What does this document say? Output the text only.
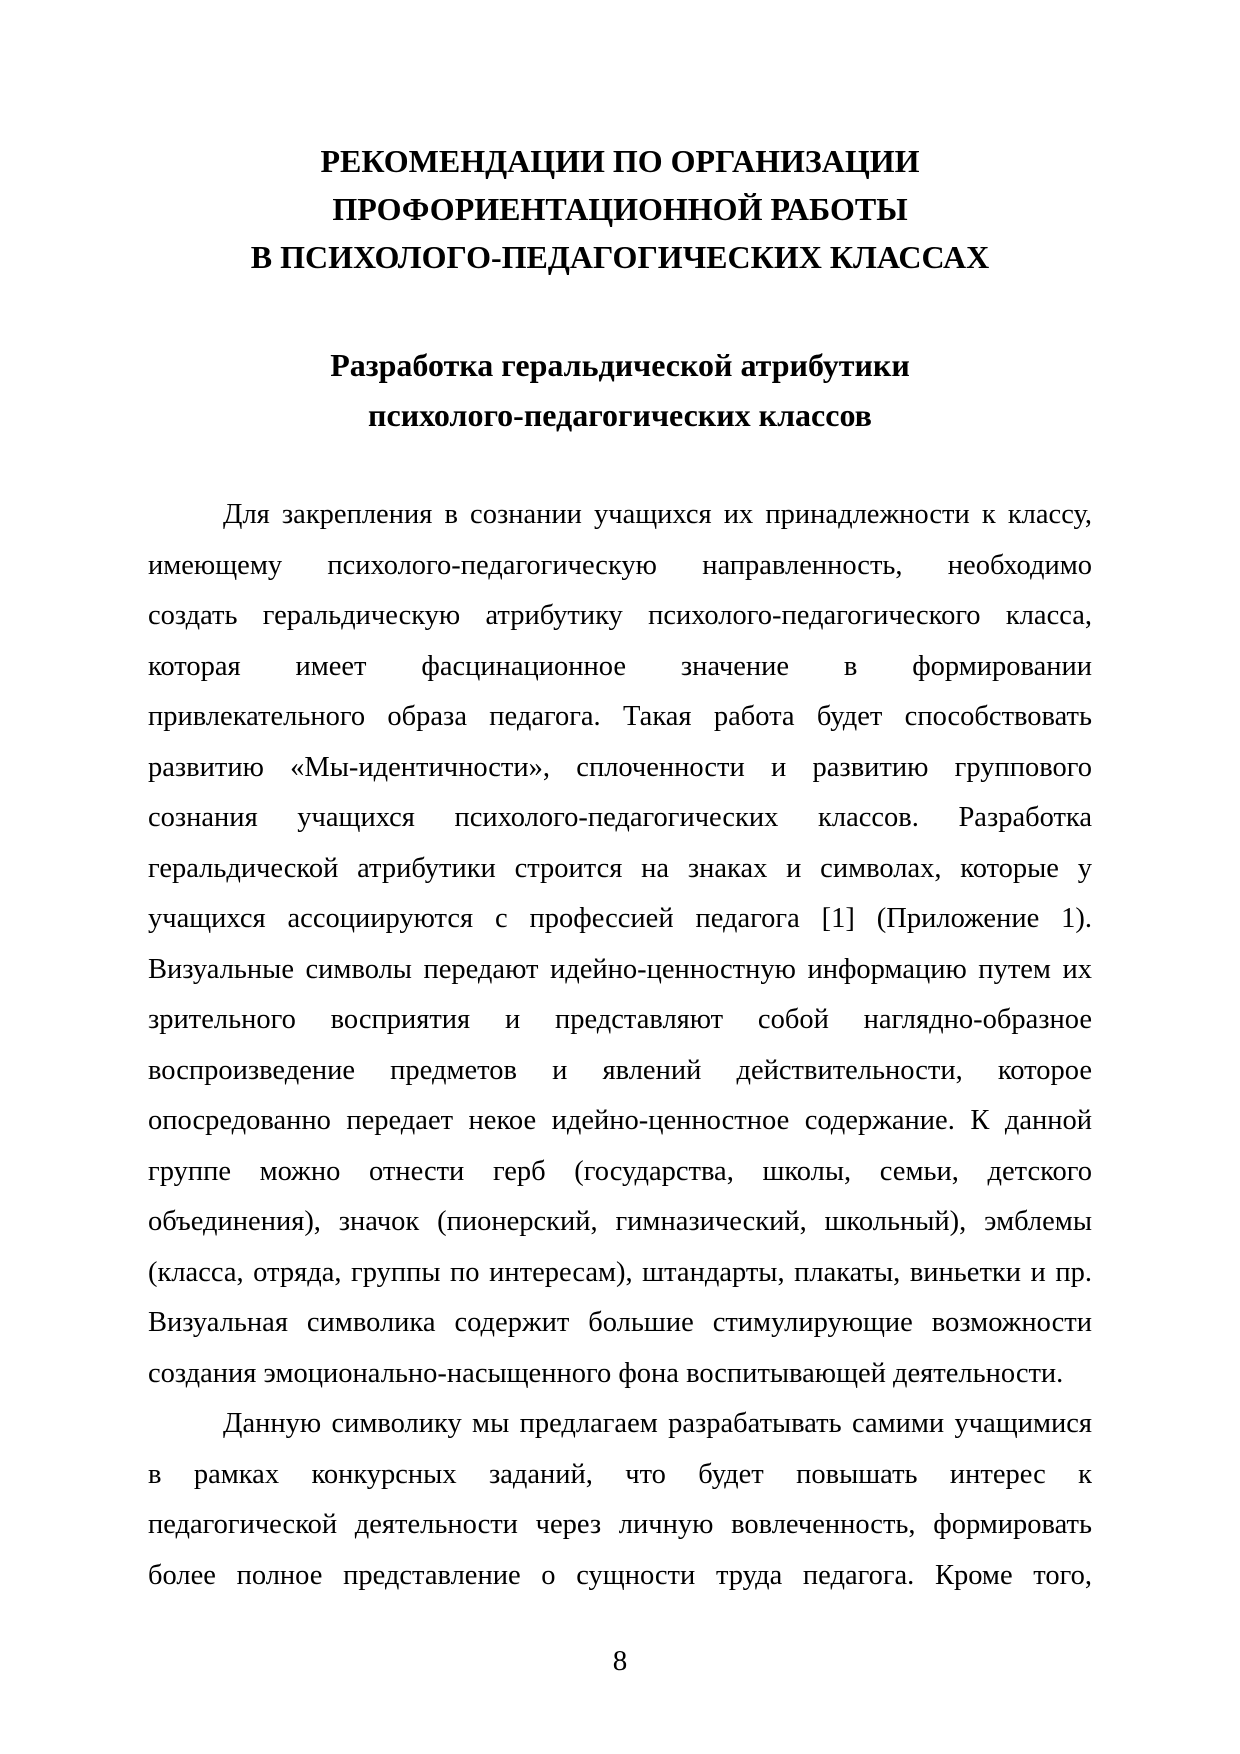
РЕКОМЕНДАЦИИ ПО ОРГАНИЗАЦИИ
ПРОФОРИЕНТАЦИОННОЙ РАБОТЫ
В ПСИХОЛОГО-ПЕДАГОГИЧЕСКИХ КЛАССАХ
Разработка геральдической атрибутики
психолого-педагогических классов
Для закрепления в сознании учащихся их принадлежности к классу,
имеющему психолого-педагогическую направленность, необходимо
создать геральдическую атрибутику психолого-педагогического класса,
которая имеет фасцинационное значение в формировании
привлекательного образа педагога. Такая работа будет способствовать
развитию «Мы-идентичности», сплоченности и развитию группового
сознания учащихся психолого-педагогических классов. Разработка
геральдической атрибутики строится на знаках и символах, которые у
учащихся ассоциируются с профессией педагога [1] (Приложение 1).
Визуальные символы передают идейно-ценностную информацию путем их
зрительного восприятия и представляют собой наглядно-образное
воспроизведение предметов и явлений действительности, которое
опосредованно передает некое идейно-ценностное содержание. К данной
группе можно отнести герб (государства, школы, семьи, детского
объединения), значок (пионерский, гимназический, школьный), эмблемы
(класса, отряда, группы по интересам), штандарты, плакаты, виньетки и пр.
Визуальная символика содержит большие стимулирующие возможности
создания эмоционально-насыщенного фона воспитывающей деятельности.
Данную символику мы предлагаем разрабатывать самими учащимися
в рамках конкурсных заданий, что будет повышать интерес к
педагогической деятельности через личную вовлеченность, формировать
более полное представление о сущности труда педагога. Кроме того,
8
